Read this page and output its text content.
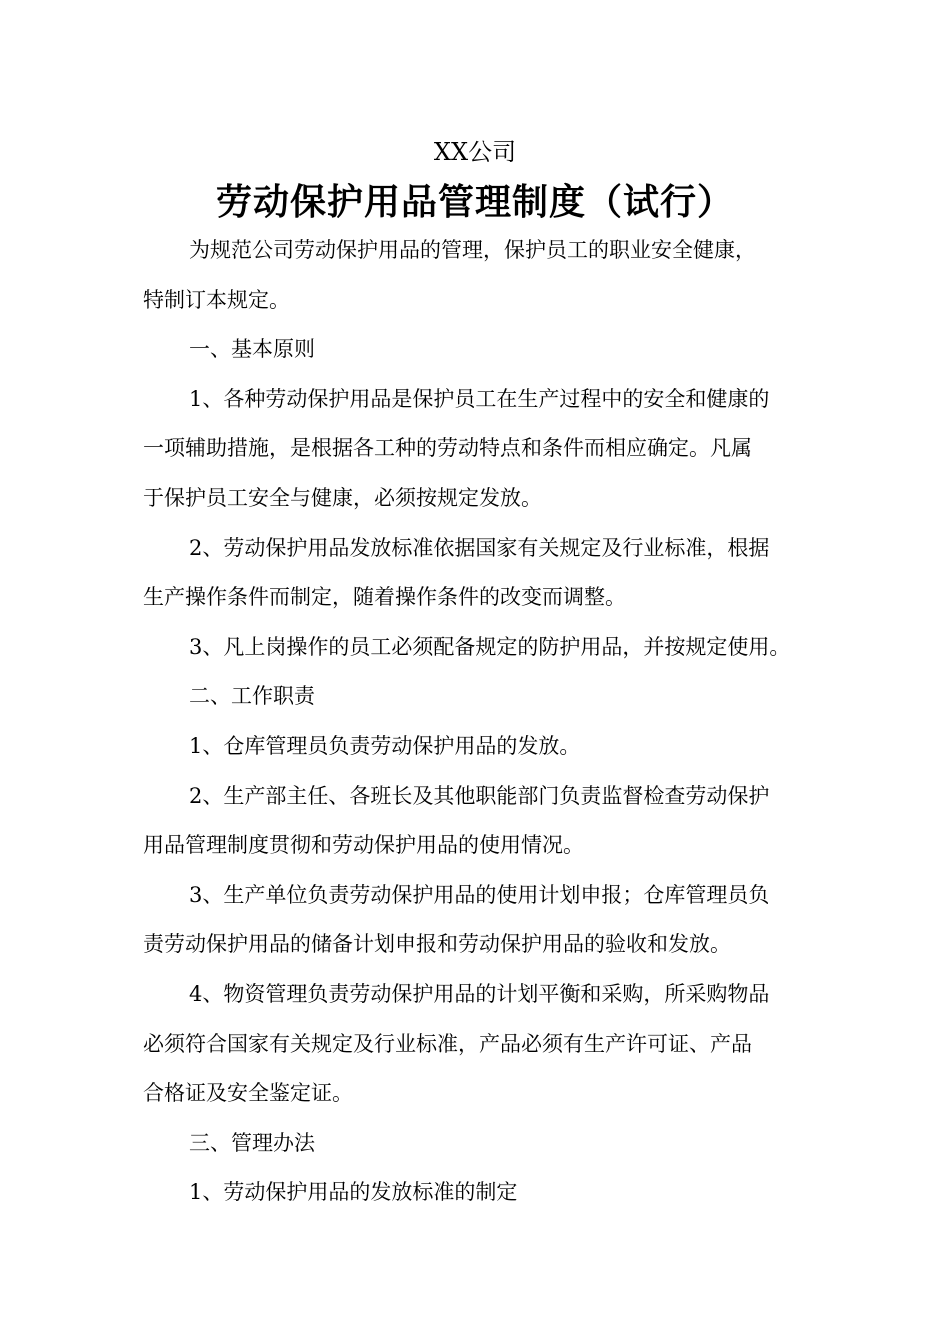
XX公司
劳动保护用品管理制度（试行）
为规范公司劳动保护用品的管理，保护员工的职业安全健康，
特制订本规定。
一、基本原则
1、各种劳动保护用品是保护员工在生产过程中的安全和健康的
一项辅助措施，是根据各工种的劳动特点和条件而相应确定。凡属
于保护员工安全与健康，必须按规定发放。
2、劳动保护用品发放标准依据国家有关规定及行业标准，根据
生产操作条件而制定，随着操作条件的改变而调整。
3、凡上岗操作的员工必须配备规定的防护用品，并按规定使用。
二、工作职责
1、仓库管理员负责劳动保护用品的发放。
2、生产部主任、各班长及其他职能部门负责监督检查劳动保护
用品管理制度贯彻和劳动保护用品的使用情况。
3、生产单位负责劳动保护用品的使用计划申报；仓库管理员负
责劳动保护用品的储备计划申报和劳动保护用品的验收和发放。
4、物资管理负责劳动保护用品的计划平衡和采购，所采购物品
必须符合国家有关规定及行业标准，产品必须有生产许可证、产品
合格证及安全鉴定证。
三、管理办法
1、劳动保护用品的发放标准的制定
